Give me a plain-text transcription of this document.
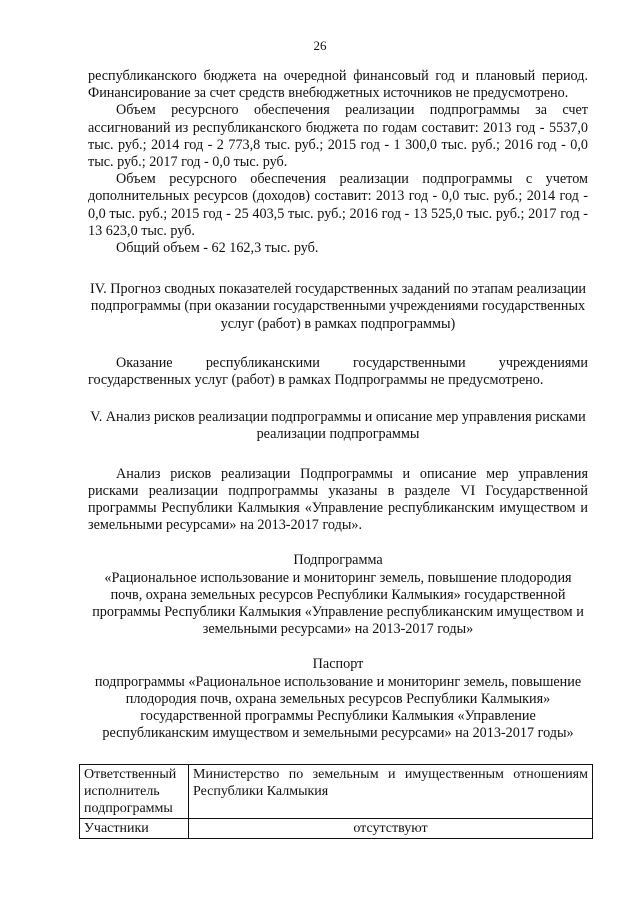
26

республиканского бюджета на очередной финансовый год и плановый период. Финансирование за счет средств внебюджетных источников не предусмотрено.

Объем ресурсного обеспечения реализации подпрограммы за счет ассигнований из республиканского бюджета по годам составит: 2013 год - 5537,0 тыс. руб.; 2014 год - 2 773,8 тыс. руб.; 2015 год - 1 300,0 тыс. руб.; 2016 год - 0,0 тыс. руб.; 2017 год - 0,0 тыс. руб.

Объем ресурсного обеспечения реализации подпрограммы с учетом дополнительных ресурсов (доходов) составит: 2013 год - 0,0 тыс. руб.; 2014 год - 0,0 тыс. руб.; 2015 год - 25 403,5 тыс. руб.; 2016 год - 13 525,0 тыс. руб.; 2017 год - 13 623,0 тыс. руб.

Общий объем - 62 162,3 тыс. руб.

IV. Прогноз сводных показателей государственных заданий по этапам реализации подпрограммы (при оказании государственными учреждениями государственных услуг (работ) в рамках подпрограммы)

Оказание республиканскими государственными учреждениями государственных услуг (работ) в рамках Подпрограммы не предусмотрено.

V. Анализ рисков реализации подпрограммы и описание мер управления рисками реализации подпрограммы

Анализ рисков реализации Подпрограммы и описание мер управления рисками реализации подпрограммы указаны в разделе VI Государственной программы Республики Калмыкия «Управление республиканским имуществом и земельными ресурсами» на 2013-2017 годы».

Подпрограмма

«Рациональное использование и мониторинг земель, повышение плодородия почв, охрана земельных ресурсов Республики Калмыкия» государственной программы Республики Калмыкия «Управление республиканским имуществом и земельными ресурсами» на 2013-2017 годы»

Паспорт

подпрограммы «Рациональное использование и мониторинг земель, повышение плодородия почв, охрана земельных ресурсов Республики Калмыкия» государственной программы Республики Калмыкия «Управление республиканским имуществом и земельными ресурсами» на 2013-2017 годы»

Ответственный исполнитель подпрограммы	Министерство по земельным и имущественным отношениям Республики Калмыкия
Участники	отсутствуют
